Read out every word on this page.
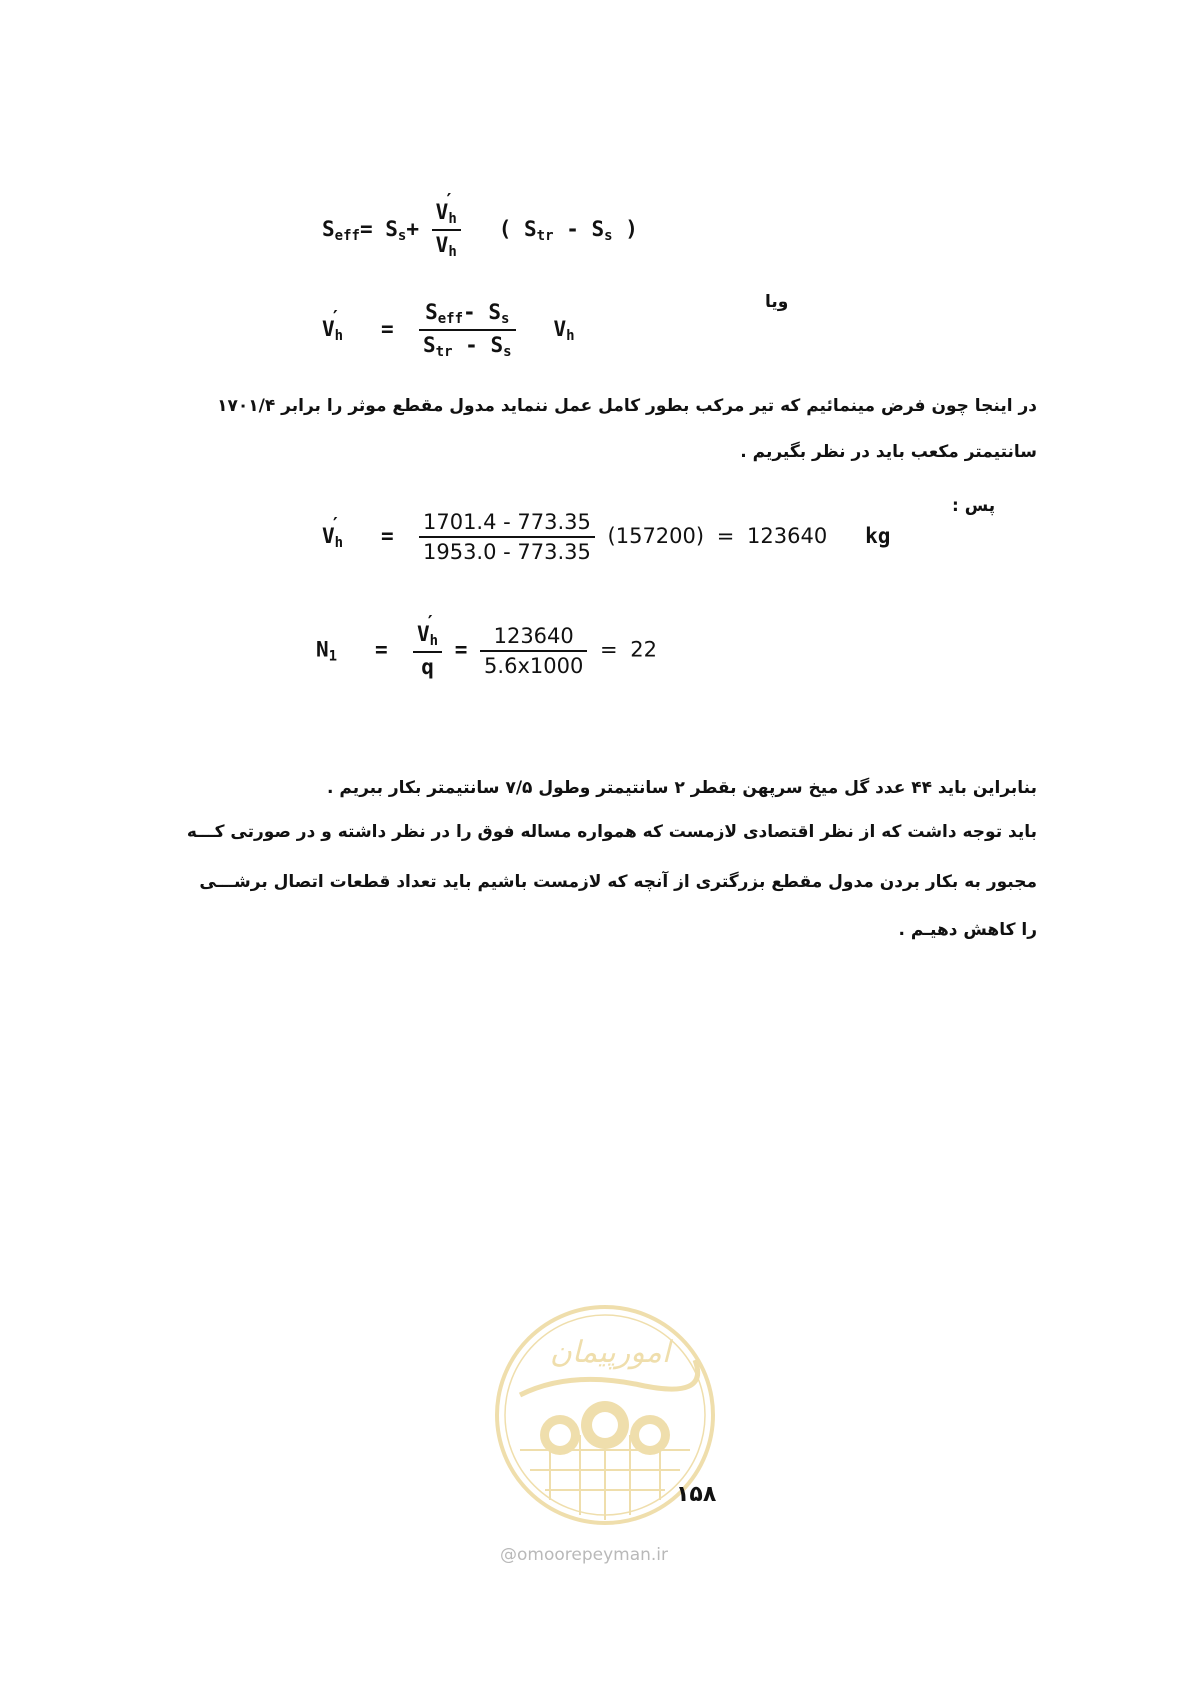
$S_{eff}= S_s+ \frac{V '_h}{V_h}$ ( $S_{tr} - S_s$ )
ویا
V $'_h = \frac{S_{eff}- S_s}{S_{tr} - S_s} V_h$
در اینجا چون فرض مینمائیم که تیر مرکب بطور کامل عمل ننماید مدول مقطع موثر را برابر ۱۷۰۱/۴
سانتیمتر مکعب باید در نظر بگیریم .
پس :
V $'_h = \frac{1701.4 - 773.35}{1953.0 - 773.35} (157200) = 123640$ kg
$N_1 = \frac{V '_h}{q} = \frac{123640}{5.6x1000} = 22$
بنابراین باید ۴۴ عدد گل میخ سرپهن بقطر ۲ سانتیمتر وطول ۷/۵ سانتیمتر بکار ببریم .
باید توجه داشت که از نظر اقتصادی لازمست که همواره مساله فوق را در نظر داشته و در صورتی کـــه
مجبور به بکار بردن مدول مقطع بزرگتری از آنچه که لازمست باشیم باید تعداد قطعات اتصال برشـــی
را کاهش دهیـم .
امورپیمان
۱۵۸
@omoorepeyman.ir
